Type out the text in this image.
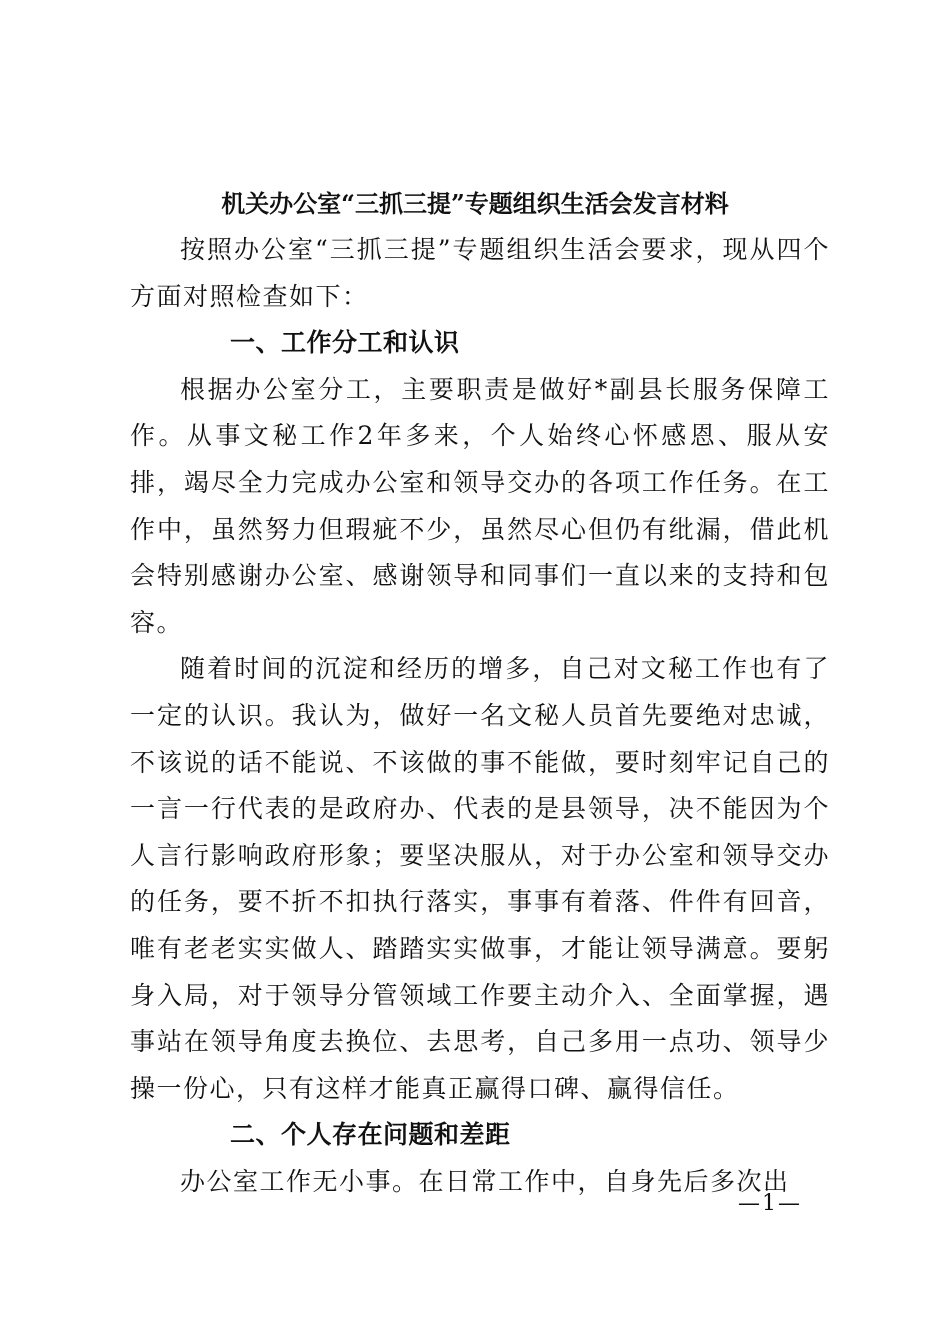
机关办公室“三抓三提”专题组织生活会发言材料

按照办公室“三抓三提”专题组织生活会要求，现从四个方面对照检查如下：

一、工作分工和认识

根据办公室分工，主要职责是做好*副县长服务保障工作。从事文秘工作2年多来，个人始终心怀感恩、服从安排，竭尽全力完成办公室和领导交办的各项工作任务。在工作中，虽然努力但瑕疵不少，虽然尽心但仍有纰漏，借此机会特别感谢办公室、感谢领导和同事们一直以来的支持和包容。

随着时间的沉淀和经历的增多，自己对文秘工作也有了一定的认识。我认为，做好一名文秘人员首先要绝对忠诚，不该说的话不能说、不该做的事不能做，要时刻牢记自己的一言一行代表的是政府办、代表的是县领导，决不能因为个人言行影响政府形象；要坚决服从，对于办公室和领导交办的任务，要不折不扣执行落实，事事有着落、件件有回音，唯有老老实实做人、踏踏实实做事，才能让领导满意。要躬身入局，对于领导分管领域工作要主动介入、全面掌握，遇事站在领导角度去换位、去思考，自己多用一点功、领导少操一份心，只有这样才能真正赢得口碑、赢得信任。

二、个人存在问题和差距

办公室工作无小事。在日常工作中，自身先后多次出

—1—
